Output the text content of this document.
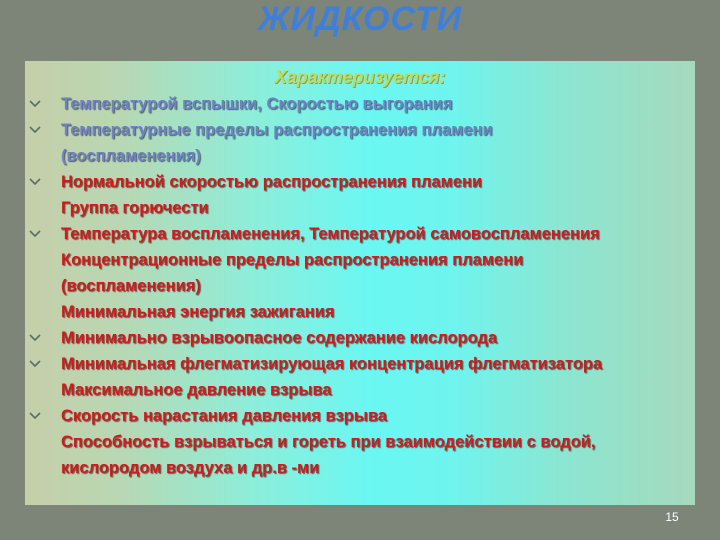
ЖИДКОСТИ
Характеризуется:
Температурой вспышки, Скоростью выгорания
Температурные пределы распространения пламени
(воспламенения)
Нормальной скоростью распространения пламени
Группа горючести
Температура воспламенения, Температурой самовоспламенения
Концентрационные пределы распространения пламени
(воспламенения)
Минимальная энергия зажигания
Минимально взрывоопасное содержание кислорода
Минимальная флегматизирующая концентрация флегматизатора
Максимальное давление взрыва
Скорость нарастания давления взрыва
Способность взрываться и гореть при взаимодействии с водой,
кислородом воздуха и др.в -ми
15
